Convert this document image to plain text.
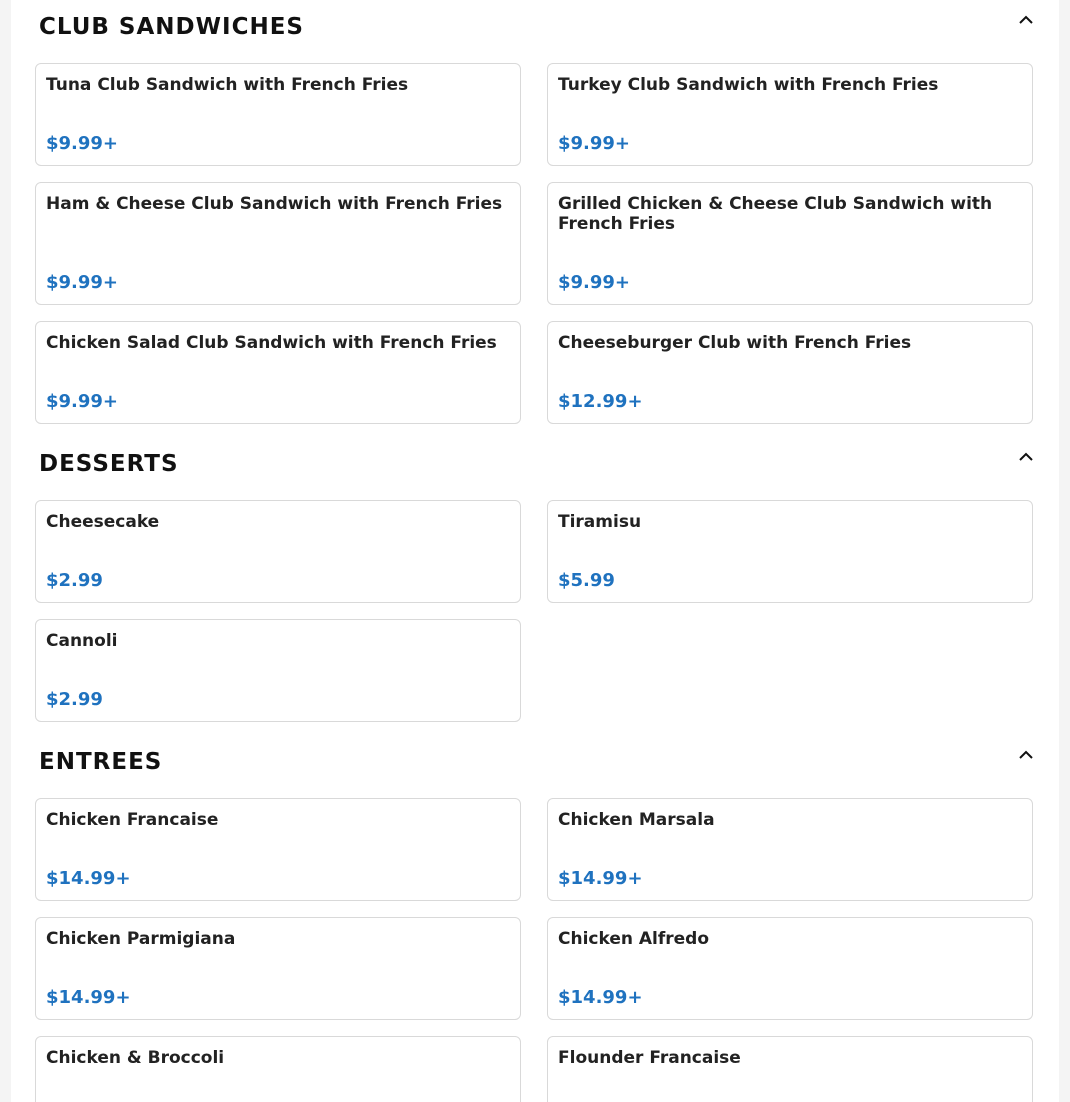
CLUB SANDWICHES
Tuna Club Sandwich with French Fries
$9.99+
Turkey Club Sandwich with French Fries
$9.99+
Ham & Cheese Club Sandwich with French Fries
$9.99+
Grilled Chicken & Cheese Club Sandwich with French Fries
$9.99+
Chicken Salad Club Sandwich with French Fries
$9.99+
Cheeseburger Club with French Fries
$12.99+
DESSERTS
Cheesecake
$2.99
Tiramisu
$5.99
Cannoli
$2.99
ENTREES
Chicken Francaise
$14.99+
Chicken Marsala
$14.99+
Chicken Parmigiana
$14.99+
Chicken Alfredo
$14.99+
Chicken & Broccoli	Flounder Francaise
